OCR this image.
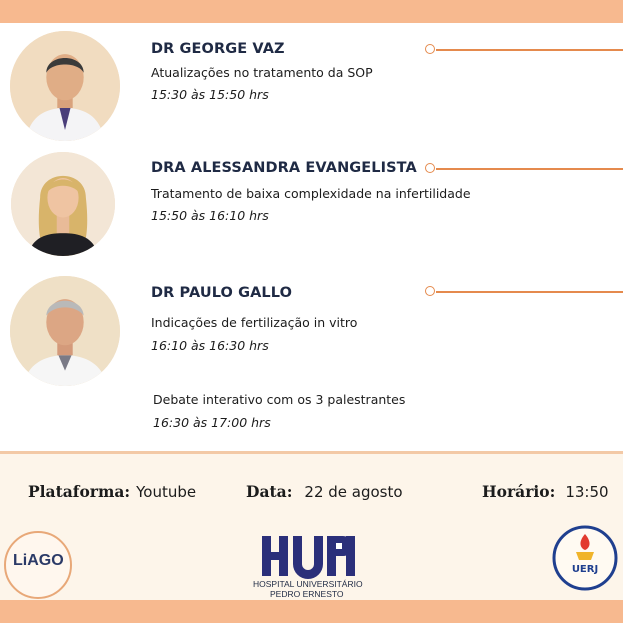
DR GEORGE VAZ
Atualizações no tratamento da SOP
15:30 às 15:50 hrs
DRA ALESSANDRA EVANGELISTA
Tratamento de baixa complexidade na infertilidade
15:50 às 16:10 hrs
DR PAULO GALLO
Indicações de fertilização in vitro
16:10 às 16:30 hrs
Debate interativo com os 3 palestrantes
16:30 às 17:00 hrs
Plataforma: Youtube	Data: 22 de agosto	Horário: 13:50
LiAGO
HOSPITAL UNIVERSITÁRIO
PEDRO ERNESTO
UERJ
